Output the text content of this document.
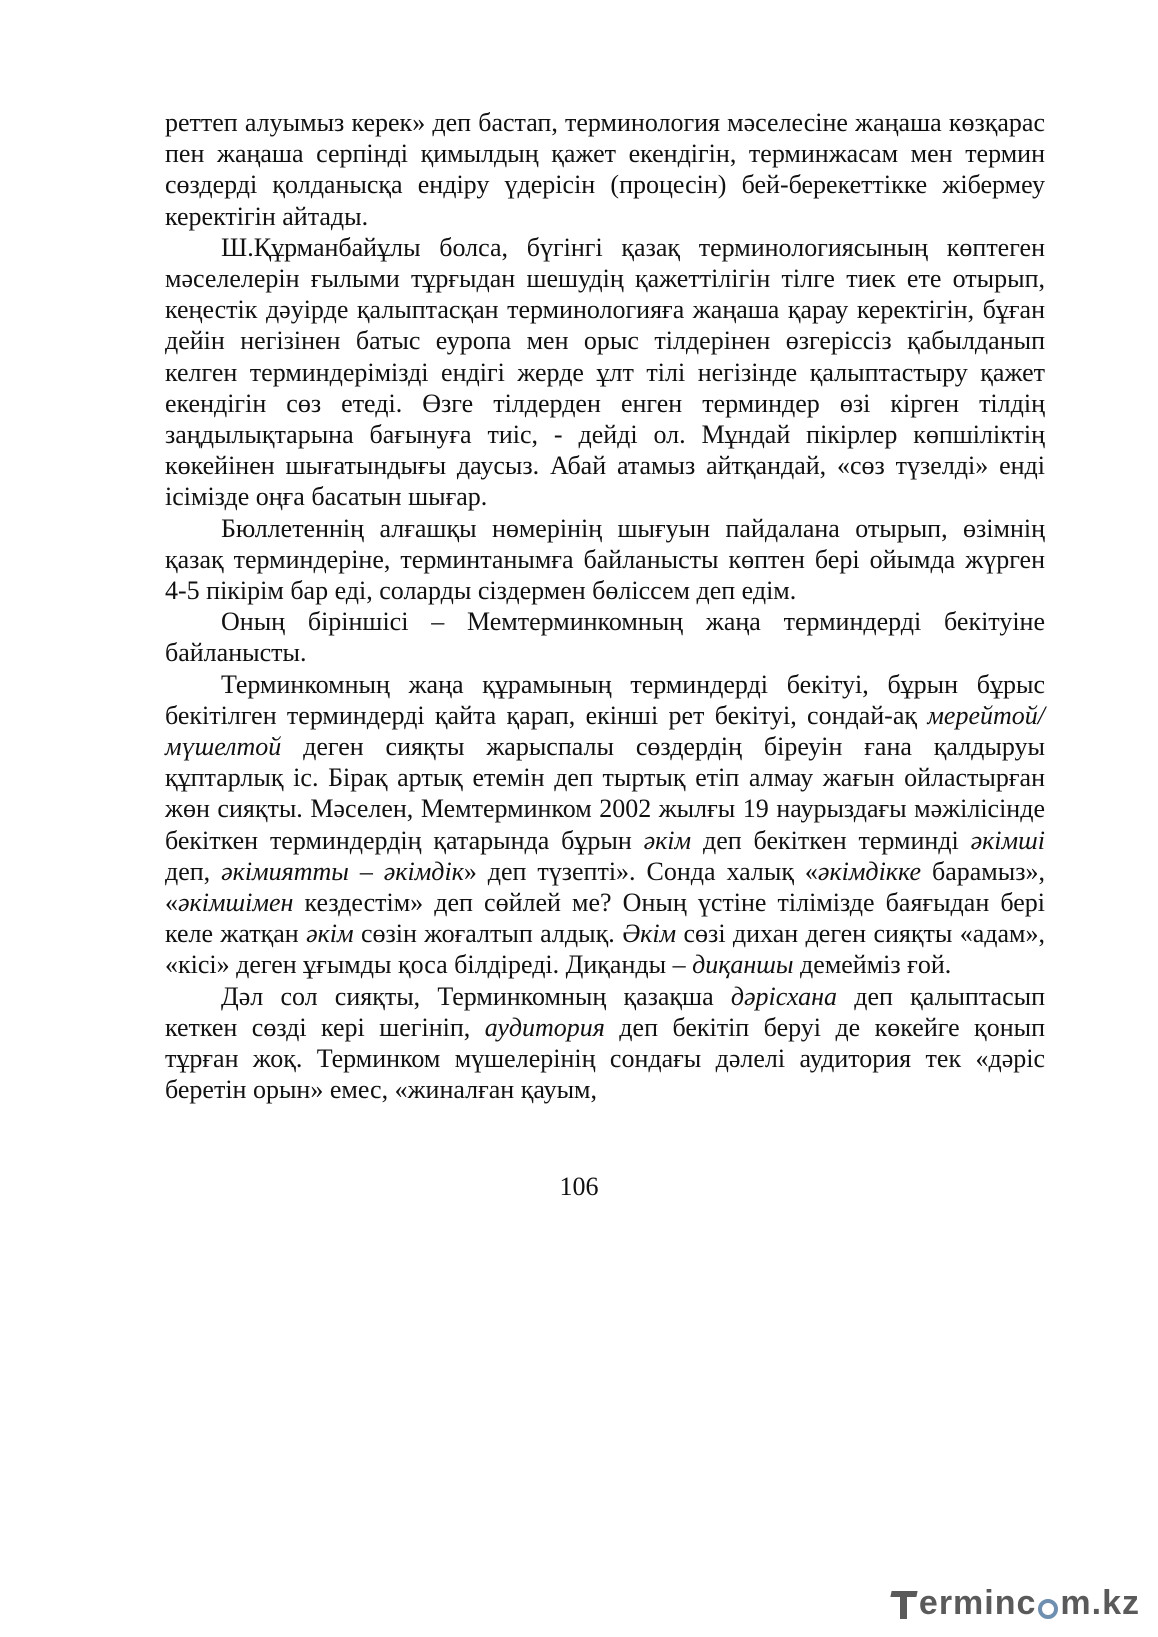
реттеп алуымыз керек» деп бастап, терминология мәселесіне жаңаша көзқарас пен жаңаша серпінді қимылдың қажет екендігін, терминжасам мен термин сөздерді қолданысқа ендіру үдерісін (процесін) бей-берекеттікке жібермеу керектігін айтады.

Ш.Құрманбайұлы болса, бүгінгі қазақ терминологиясының көптеген мәселелерін ғылыми тұрғыдан шешудің қажеттілігін тілге тиек ете отырып, кеңестік дәуірде қалыптасқан терминологияға жаңаша қарау керектігін, бұған дейін негізінен батыс еуропа мен орыс тілдерінен өзгеріссіз қабылданып келген терминдерімізді ендігі жерде ұлт тілі негізінде қалыптастыру қажет екендігін сөз етеді. Өзге тілдерден енген терминдер өзі кірген тілдің заңдылықтарына бағынуға тиіс, - дейді ол. Мұндай пікірлер көпшіліктің көкейінен шығатындығы даусыз. Абай атамыз айтқандай, «сөз түзелді» енді ісімізде оңға басатын шығар.

Бюллетеннің алғашқы нөмерінің шығуын пайдалана отырып, өзімнің қазақ терминдеріне, терминтанымға байланысты көптен бері ойымда жүрген 4-5 пікірім бар еді, соларды сіздермен бөліссем деп едім.

Оның біріншісі – Мемтерминкомның жаңа терминдерді бекітуіне байланысты.

Терминкомның жаңа құрамының терминдерді бекітуі, бұрын бұрыс бекітілген терминдерді қайта қарап, екінші рет бекітуі, сондай-ақ мерейтой/мүшелтой деген сияқты жарыспалы сөздердің біреуін ғана қалдыруы құптарлық іс. Бірақ артық етемін деп тыртық етіп алмау жағын ойластырған жөн сияқты. Мәселен, Мемтерминком 2002 жылғы 19 наурыздағы мәжілісінде бекіткен терминдердің қатарында бұрын әкім деп бекіткен терминді әкімші деп, әкімиятты – әкімдік» деп түзепті». Сонда халық «әкімдікке барамыз», «әкімшімен кездестім» деп сөйлей ме? Оның үстіне тілімізде баяғыдан бері келе жатқан әкім сөзін жоғалтып алдық. Әкім сөзі дихан деген сияқты «адам», «кісі» деген ұғымды қоса білдіреді. Диқанды – диқаншы демейміз ғой.

Дәл сол сияқты, Терминкомның қазақша дәрісхана деп қалыптасып кеткен сөзді кері шегініп, аудитория деп бекітіп беруі де көкейге қонып тұрған жоқ. Терминком мүшелерінің сондағы дәлелі аудитория тек «дәріс беретін орын» емес, «жиналған қауым,

106
erminc m.kz
